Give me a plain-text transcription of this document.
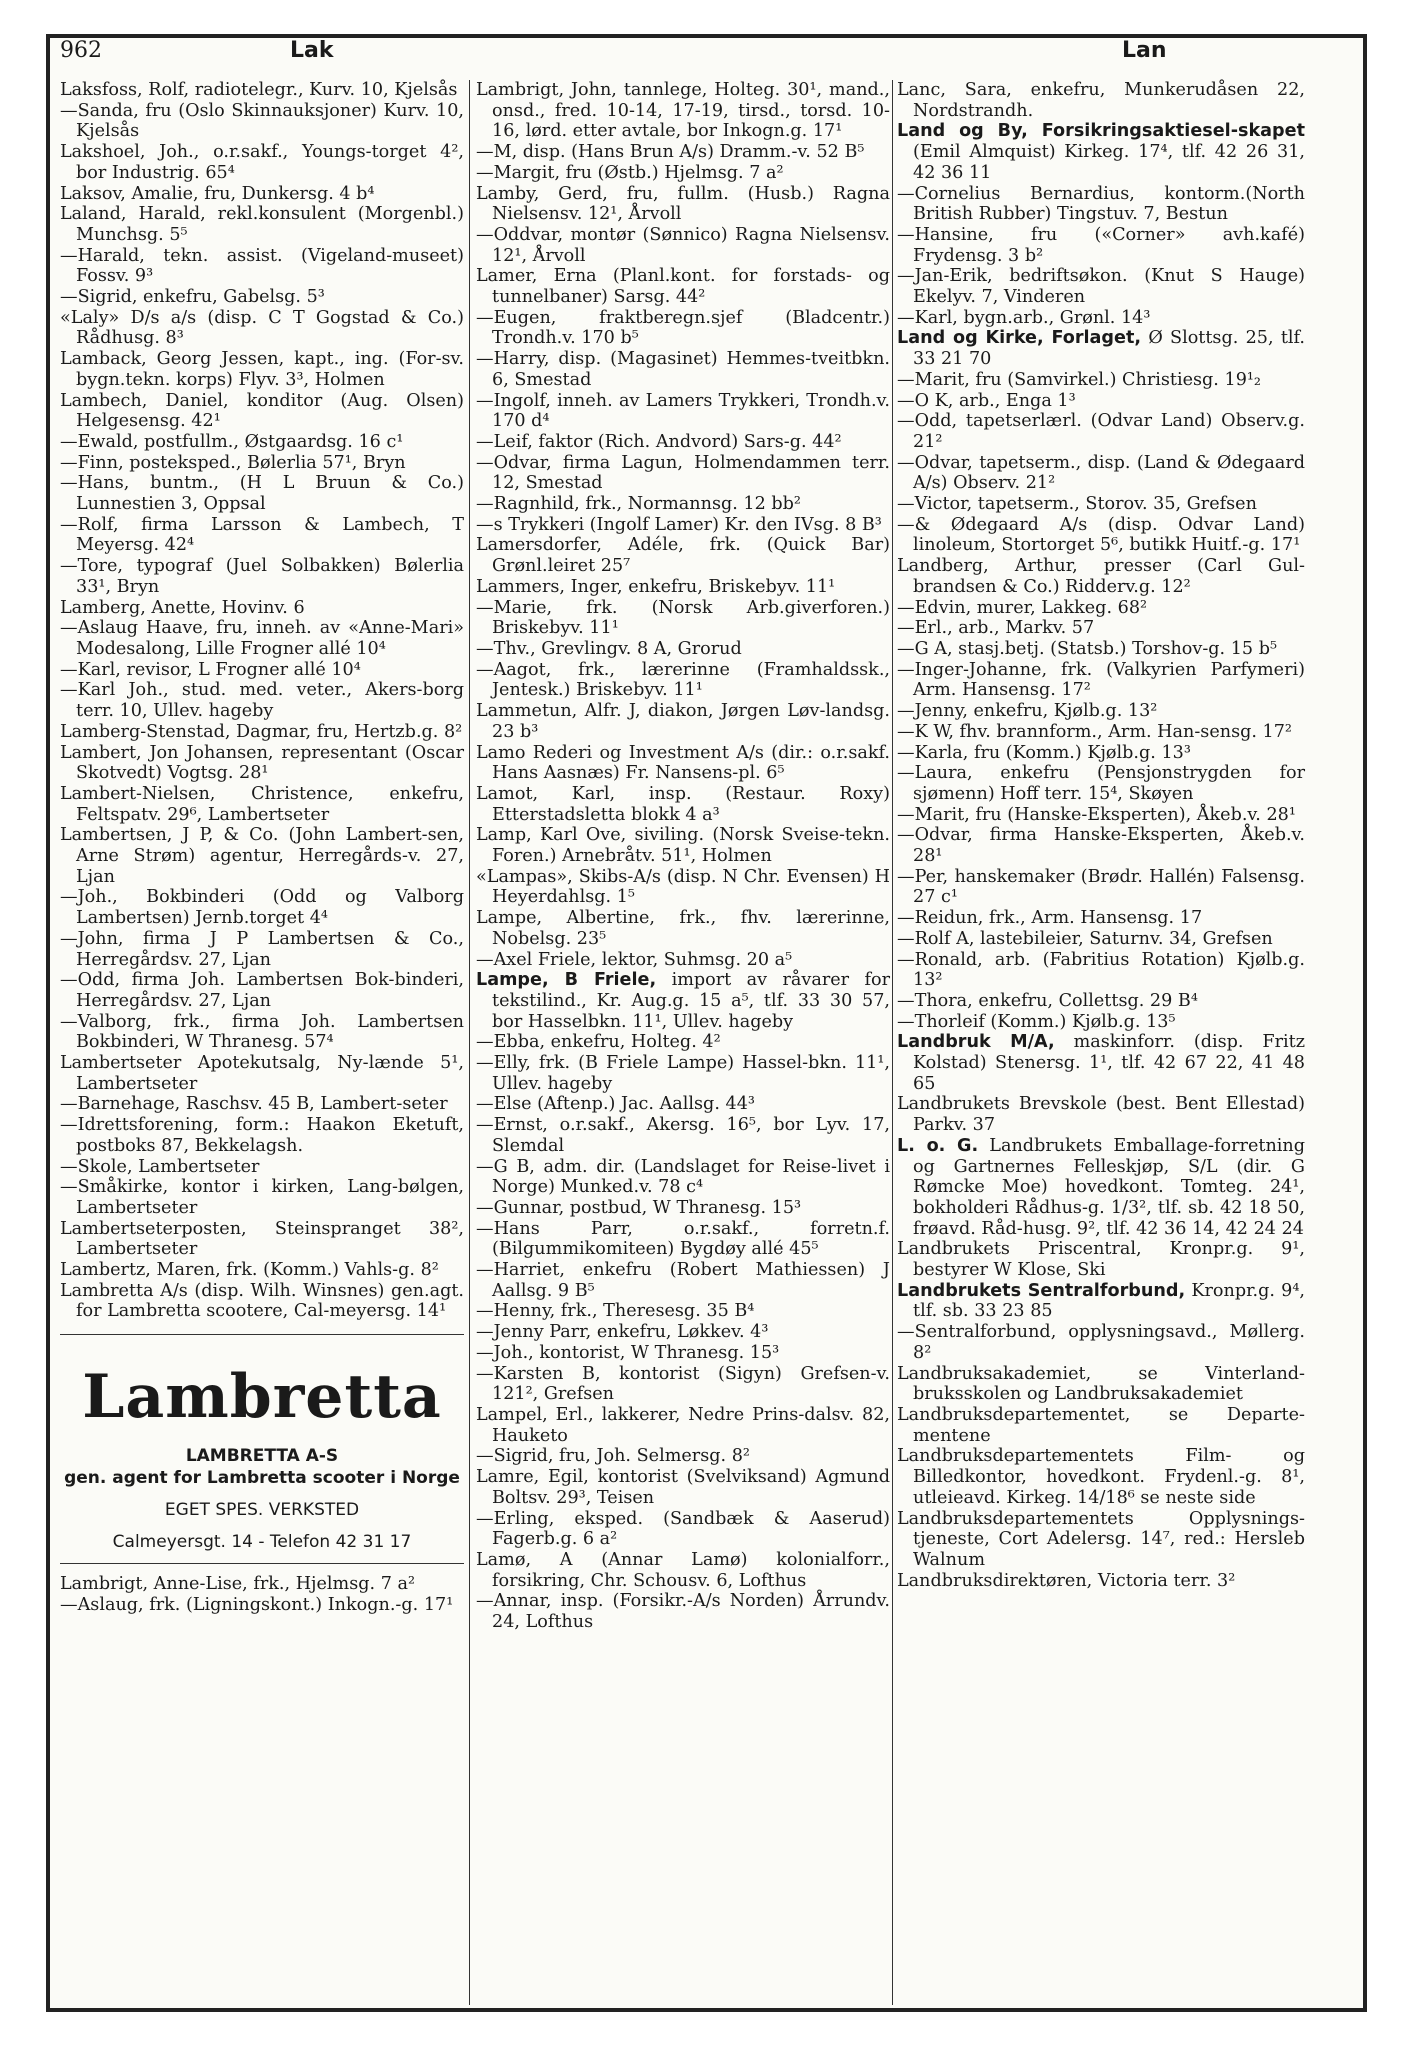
962	Lak	Lan

Laksfoss, Rolf, radiotelegr., Kurv. 10, Kjelsås

—Sanda, fru (Oslo Skinnauksjoner) Kurv. 10, Kjelsås

Lakshoel, Joh., o.r.sakf., Youngs-torget 4², bor Industrig. 65⁴

Laksov, Amalie, fru, Dunkersg. 4 b⁴

Laland, Harald, rekl.konsulent (Morgenbl.) Munchsg. 5⁵

—Harald, tekn. assist. (Vigeland-museet) Fossv. 9³

—Sigrid, enkefru, Gabelsg. 5³

«Laly» D/s a/s (disp. C T Gogstad & Co.) Rådhusg. 8³

Lamback, Georg Jessen, kapt., ing. (For-sv. bygn.tekn. korps) Flyv. 3³, Holmen

Lambech, Daniel, konditor (Aug. Olsen) Helgesensg. 42¹

—Ewald, postfullm., Østgaardsg. 16 c¹

—Finn, posteksped., Bølerlia 57¹, Bryn

—Hans, buntm., (H L Bruun & Co.) Lunnestien 3, Oppsal

—Rolf, firma Larsson & Lambech, T Meyersg. 42⁴

—Tore, typograf (Juel Solbakken) Bølerlia 33¹, Bryn

Lamberg, Anette, Hovinv. 6

—Aslaug Haave, fru, inneh. av «Anne-Mari» Modesalong, Lille Frogner allé 10⁴

—Karl, revisor, L Frogner allé 10⁴

—Karl Joh., stud. med. veter., Akers-borg terr. 10, Ullev. hageby

Lamberg-Stenstad, Dagmar, fru, Hertzb.g. 8²

Lambert, Jon Johansen, representant (Oscar Skotvedt) Vogtsg. 28¹

Lambert-Nielsen, Christence, enkefru, Feltspatv. 29⁶, Lambertseter

Lambertsen, J P, & Co. (John Lambert-sen, Arne Strøm) agentur, Herregårds-v. 27, Ljan

—Joh., Bokbinderi (Odd og Valborg Lambertsen) Jernb.torget 4⁴

—John, firma J P Lambertsen & Co., Herregårdsv. 27, Ljan

—Odd, firma Joh. Lambertsen Bok-binderi, Herregårdsv. 27, Ljan

—Valborg, frk., firma Joh. Lambertsen Bokbinderi, W Thranesg. 57⁴

Lambertseter Apotekutsalg, Ny-lænde 5¹, Lambertseter

—Barnehage, Raschsv. 45 B, Lambert-seter

—Idrettsforening, form.: Haakon Eketuft, postboks 87, Bekkelagsh.

—Skole, Lambertseter

—Småkirke, kontor i kirken, Lang-bølgen, Lambertseter

Lambertseterposten, Steinspranget 38², Lambertseter

Lambertz, Maren, frk. (Komm.) Vahls-g. 8²

Lambretta A/s (disp. Wilh. Winsnes) gen.agt. for Lambretta scootere, Cal-meyersg. 14¹

Lambretta
LAMBRETTA A-S
gen. agent for Lambretta scooter i Norge
EGET SPES. VERKSTED
Calmeyersgt. 14 - Telefon 42 31 17

Lambrigt, Anne-Lise, frk., Hjelmsg. 7 a²

—Aslaug, frk. (Ligningskont.) Inkogn.-g. 17¹

Lambrigt, John, tannlege, Holteg. 30¹, mand., onsd., fred. 10-14, 17-19, tirsd., torsd. 10-16, lørd. etter avtale, bor Inkogn.g. 17¹

—M, disp. (Hans Brun A/s) Dramm.-v. 52 B⁵

—Margit, fru (Østb.) Hjelmsg. 7 a²

Lamby, Gerd, fru, fullm. (Husb.) Ragna Nielsensv. 12¹, Årvoll

—Oddvar, montør (Sønnico) Ragna Nielsensv. 12¹, Årvoll

Lamer, Erna (Planl.kont. for forstads- og tunnelbaner) Sarsg. 44²

—Eugen, fraktberegn.sjef (Bladcentr.) Trondh.v. 170 b⁵

—Harry, disp. (Magasinet) Hemmes-tveitbkn. 6, Smestad

—Ingolf, inneh. av Lamers Trykkeri, Trondh.v. 170 d⁴

—Leif, faktor (Rich. Andvord) Sars-g. 44²

—Odvar, firma Lagun, Holmendammen terr. 12, Smestad

—Ragnhild, frk., Normannsg. 12 bb²

—s Trykkeri (Ingolf Lamer) Kr. den IVsg. 8 B³

Lamersdorfer, Adéle, frk. (Quick Bar) Grønl.leiret 25⁷

Lammers, Inger, enkefru, Briskebyv. 11¹

—Marie, frk. (Norsk Arb.giverforen.) Briskebyv. 11¹

—Thv., Grevlingv. 8 A, Grorud

—Aagot, frk., lærerinne (Framhaldssk., Jentesk.) Briskebyv. 11¹

Lammetun, Alfr. J, diakon, Jørgen Løv-landsg. 23 b³

Lamo Rederi og Investment A/s (dir.: o.r.sakf. Hans Aasnæs) Fr. Nansens-pl. 6⁵

Lamot, Karl, insp. (Restaur. Roxy) Etterstadsletta blokk 4 a³

Lamp, Karl Ove, siviling. (Norsk Sveise-tekn. Foren.) Arnebråtv. 51¹, Holmen

«Lampas», Skibs-A/s (disp. N Chr. Evensen) H Heyerdahlsg. 1⁵

Lampe, Albertine, frk., fhv. lærerinne, Nobelsg. 23⁵

—Axel Friele, lektor, Suhmsg. 20 a⁵

Lampe, B Friele, import av råvarer for tekstilind., Kr. Aug.g. 15 a⁵, tlf. 33 30 57, bor Hasselbkn. 11¹, Ullev. hageby

—Ebba, enkefru, Holteg. 4²

—Elly, frk. (B Friele Lampe) Hassel-bkn. 11¹, Ullev. hageby

—Else (Aftenp.) Jac. Aallsg. 44³

—Ernst, o.r.sakf., Akersg. 16⁵, bor Lyv. 17, Slemdal

—G B, adm. dir. (Landslaget for Reise-livet i Norge) Munked.v. 78 c⁴

—Gunnar, postbud, W Thranesg. 15³

—Hans Parr, o.r.sakf., forretn.f. (Bilgummikomiteen) Bygdøy allé 45⁵

—Harriet, enkefru (Robert Mathiessen) J Aallsg. 9 B⁵

—Henny, frk., Theresesg. 35 B⁴

—Jenny Parr, enkefru, Løkkev. 4³

—Joh., kontorist, W Thranesg. 15³

—Karsten B, kontorist (Sigyn) Grefsen-v. 121², Grefsen

Lampel, Erl., lakkerer, Nedre Prins-dalsv. 82, Hauketo

—Sigrid, fru, Joh. Selmersg. 8²

Lamre, Egil, kontorist (Svelviksand) Agmund Boltsv. 29³, Teisen

—Erling, eksped. (Sandbæk & Aaserud) Fagerb.g. 6 a²

Lamø, A (Annar Lamø) kolonialforr., forsikring, Chr. Schousv. 6, Lofthus

—Annar, insp. (Forsikr.-A/s Norden) Årrundv. 24, Lofthus

Lanc, Sara, enkefru, Munkerudåsen 22, Nordstrandh.

Land og By, Forsikringsaktiesel-skapet (Emil Almquist) Kirkeg. 17⁴, tlf. 42 26 31, 42 36 11

—Cornelius Bernardius, kontorm.(North British Rubber) Tingstuv. 7, Bestun

—Hansine, fru («Corner» avh.kafé) Frydensg. 3 b²

—Jan-Erik, bedriftsøkon. (Knut S Hauge) Ekelyv. 7, Vinderen

—Karl, bygn.arb., Grønl. 14³

Land og Kirke, Forlaget, Ø Slottsg. 25, tlf. 33 21 70

—Marit, fru (Samvirkel.) Christiesg. 19¹₂

—O K, arb., Enga 1³

—Odd, tapetserlærl. (Odvar Land) Observ.g. 21²

—Odvar, tapetserm., disp. (Land & Ødegaard A/s) Observ. 21²

—Victor, tapetserm., Storov. 35, Grefsen

—& Ødegaard A/s (disp. Odvar Land) linoleum, Stortorget 5⁶, butikk Huitf.-g. 17¹

Landberg, Arthur, presser (Carl Gul-brandsen & Co.) Ridderv.g. 12²

—Edvin, murer, Lakkeg. 68²

—Erl., arb., Markv. 57

—G A, stasj.betj. (Statsb.) Torshov-g. 15 b⁵

—Inger-Johanne, frk. (Valkyrien Parfymeri) Arm. Hansensg. 17²

—Jenny, enkefru, Kjølb.g. 13²

—K W, fhv. brannform., Arm. Han-sensg. 17²

—Karla, fru (Komm.) Kjølb.g. 13³

—Laura, enkefru (Pensjonstrygden for sjømenn) Hoff terr. 15⁴, Skøyen

—Marit, fru (Hanske-Eksperten), Åkeb.v. 28¹

—Odvar, firma Hanske-Eksperten, Åkeb.v. 28¹

—Per, hanskemaker (Brødr. Hallén) Falsensg. 27 c¹

—Reidun, frk., Arm. Hansensg. 17

—Rolf A, lastebileier, Saturnv. 34, Grefsen

—Ronald, arb. (Fabritius Rotation) Kjølb.g. 13²

—Thora, enkefru, Collettsg. 29 B⁴

—Thorleif (Komm.) Kjølb.g. 13⁵

Landbruk M/A, maskinforr. (disp. Fritz Kolstad) Stenersg. 1¹, tlf. 42 67 22, 41 48 65

Landbrukets Brevskole (best. Bent Ellestad) Parkv. 37

L. o. G. Landbrukets Emballage-forretning og Gartnernes Felleskjøp, S/L (dir. G Rømcke Moe) hovedkont. Tomteg. 24¹, bokholderi Rådhus-g. 1/3², tlf. sb. 42 18 50, frøavd. Råd-husg. 9², tlf. 42 36 14, 42 24 24

Landbrukets Priscentral, Kronpr.g. 9¹, bestyrer W Klose, Ski

Landbrukets Sentralforbund, Kronpr.g. 9⁴, tlf. sb. 33 23 85

—Sentralforbund, opplysningsavd., Møllerg. 8²

Landbruksakademiet, se Vinterland-bruksskolen og Landbruksakademiet

Landbruksdepartementet, se Departe-mentene

Landbruksdepartementets Film- og Billedkontor, hovedkont. Frydenl.-g. 8¹, utleieavd. Kirkeg. 14/18⁶ se neste side

Landbruksdepartementets Opplysnings-tjeneste, Cort Adelersg. 14⁷, red.: Hersleb Walnum

Landbruksdirektøren, Victoria terr. 3²
